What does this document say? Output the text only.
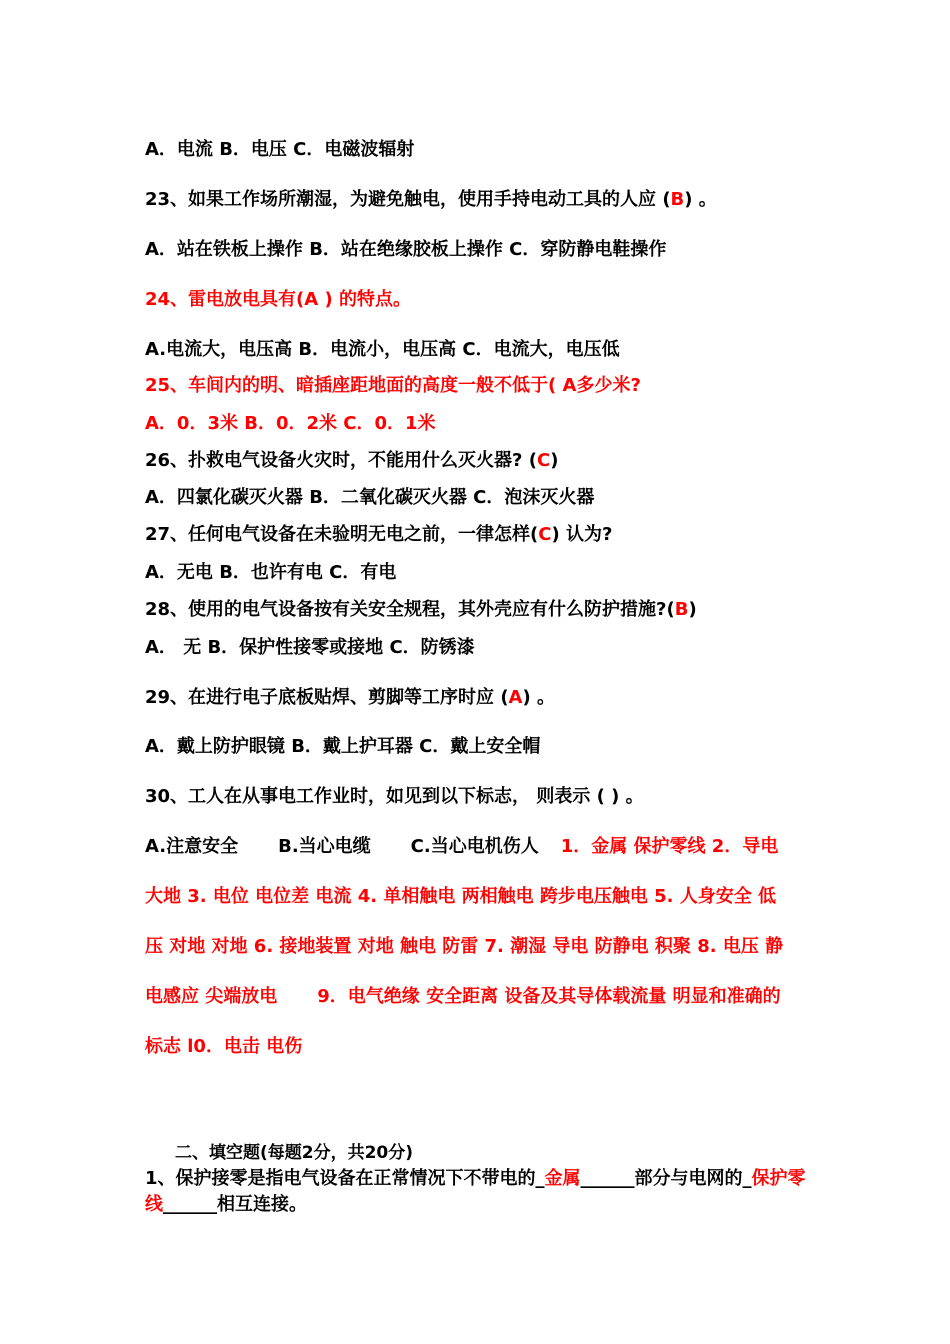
A．电流 B．电压 C．电磁波辐射
23、如果工作场所潮湿，为避免触电，使用手持电动工具的人应 (B) 。
A．站在铁板上操作 B．站在绝缘胶板上操作 C．穿防静电鞋操作
24、雷电放电具有(A ) 的特点。
A.电流大，电压高 B．电流小，电压高 C．电流大，电压低
25、车间内的明、暗插座距地面的高度一般不低于( A多少米?
A．0．3米 B．0．2米 C．0．1米
26、扑救电气设备火灾时，不能用什么灭火器? (C)
A．四氯化碳灭火器 B．二氧化碳灭火器 C．泡沫灭火器
27、任何电气设备在未验明无电之前，一律怎样(C) 认为?
A．无电 B．也许有电 C．有电
28、使用的电气设备按有关安全规程，其外壳应有什么防护措施?(B)
A． 无 B．保护性接零或接地 C．防锈漆
29、在进行电子底板贴焊、剪脚等工序时应 (A) 。
A．戴上防护眼镜 B．戴上护耳器 C．戴上安全帽
30、工人在从事电工作业时，如见到以下标志， 则表示 ( ) 。
A.注意安全 B.当心电缆 C.当心电机伤人 1．金属 保护零线 2．导电
大地 3. 电位 电位差 电流 4. 单相触电 两相触电 跨步电压触电 5. 人身安全 低
压 对地 对地 6. 接地装置 对地 触电 防雷 7. 潮湿 导电 防静电 积聚 8. 电压 静
电感应 尖端放电 9．电气绝缘 安全距离 设备及其导体载流量 明显和准确的
标志 l0．电击 电伤
二、填空题(每题2分，共20分)
1、保护接零是指电气设备在正常情况下不带电的_金属______部分与电网的_保护零线______相互连接。
